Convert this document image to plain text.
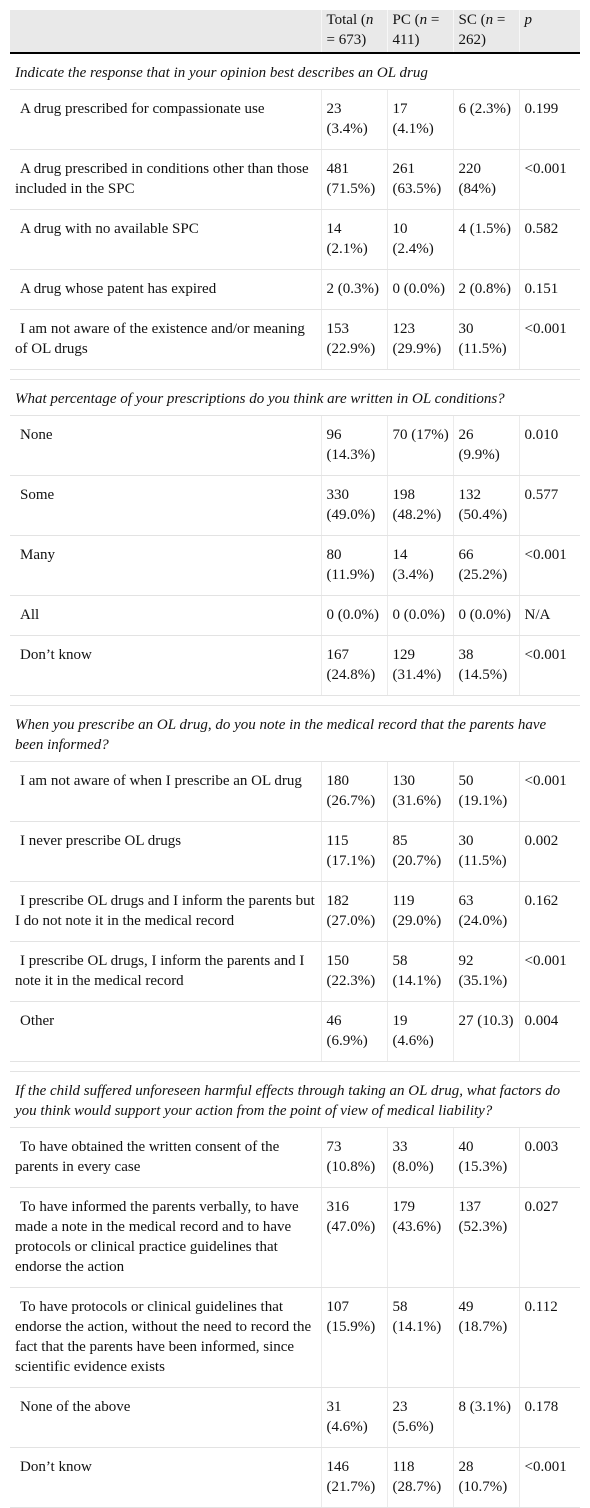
	Total (n = 673)	PC (n = 411)	SC (n = 262)	p
Indicate the response that in your opinion best describes an OL drug				
A drug prescribed for compassionate use	23 (3.4%)	17 (4.1%)	6 (2.3%)	0.199
A drug prescribed in conditions other than those included in the SPC	481 (71.5%)	261 (63.5%)	220 (84%)	<0.001
A drug with no available SPC	14 (2.1%)	10 (2.4%)	4 (1.5%)	0.582
A drug whose patent has expired	2 (0.3%)	0 (0.0%)	2 (0.8%)	0.151
I am not aware of the existence and/or meaning of OL drugs	153 (22.9%)	123 (29.9%)	30 (11.5%)	<0.001

What percentage of your prescriptions do you think are written in OL conditions?				
None	96 (14.3%)	70 (17%)	26 (9.9%)	0.010
Some	330 (49.0%)	198 (48.2%)	132 (50.4%)	0.577
Many	80 (11.9%)	14 (3.4%)	66 (25.2%)	<0.001
All	0 (0.0%)	0 (0.0%)	0 (0.0%)	N/A
Don’t know	167 (24.8%)	129 (31.4%)	38 (14.5%)	<0.001

When you prescribe an OL drug, do you note in the medical record that the parents have been informed?				
I am not aware of when I prescribe an OL drug	180 (26.7%)	130 (31.6%)	50 (19.1%)	<0.001
I never prescribe OL drugs	115 (17.1%)	85 (20.7%)	30 (11.5%)	0.002
I prescribe OL drugs and I inform the parents but I do not note it in the medical record	182 (27.0%)	119 (29.0%)	63 (24.0%)	0.162
I prescribe OL drugs, I inform the parents and I note it in the medical record	150 (22.3%)	58 (14.1%)	92 (35.1%)	<0.001
Other	46 (6.9%)	19 (4.6%)	27 (10.3)	0.004

If the child suffered unforeseen harmful effects through taking an OL drug, what factors do you think would support your action from the point of view of medical liability?				
To have obtained the written consent of the parents in every case	73 (10.8%)	33 (8.0%)	40 (15.3%)	0.003
To have informed the parents verbally, to have made a note in the medical record and to have protocols or clinical practice guidelines that endorse the action	316 (47.0%)	179 (43.6%)	137 (52.3%)	0.027
To have protocols or clinical guidelines that endorse the action, without the need to record the fact that the parents have been informed, since scientific evidence exists	107 (15.9%)	58 (14.1%)	49 (18.7%)	0.112
None of the above	31 (4.6%)	23 (5.6%)	8 (3.1%)	0.178
Don’t know	146 (21.7%)	118 (28.7%)	28 (10.7%)	<0.001
